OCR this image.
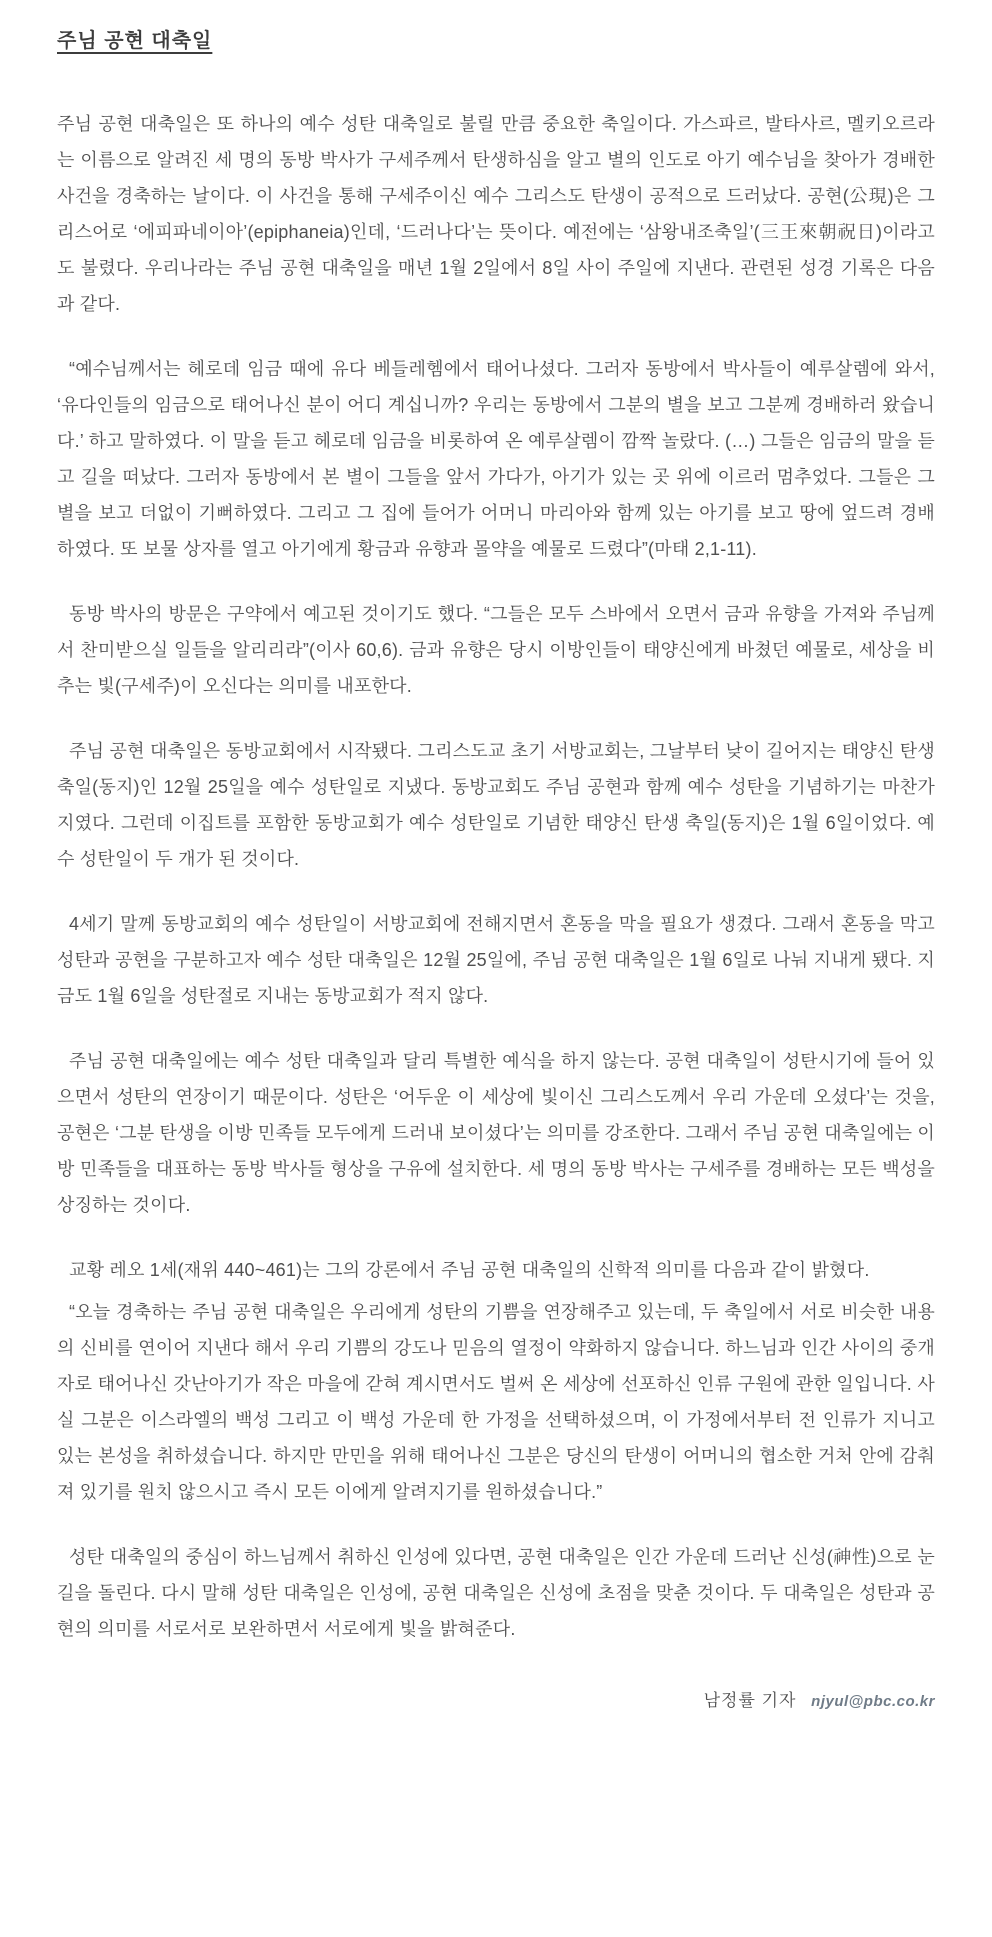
주님 공현 대축일

주님 공현 대축일은 또 하나의 예수 성탄 대축일로 불릴 만큼 중요한 축일이다. 가스파르, 발타사르, 멜키오르라는 이름으로 알려진 세 명의 동방 박사가 구세주께서 탄생하심을 알고 별의 인도로 아기 예수님을 찾아가 경배한 사건을 경축하는 날이다. 이 사건을 통해 구세주이신 예수 그리스도 탄생이 공적으로 드러났다. 공현(公現)은 그리스어로 ‘에피파네이아’(epiphaneia)인데, ‘드러나다’는 뜻이다. 예전에는 ‘삼왕내조축일’(三王來朝祝日)이라고도 불렸다. 우리나라는 주님 공현 대축일을 매년 1월 2일에서 8일 사이 주일에 지낸다. 관련된 성경 기록은 다음과 같다.

“예수님께서는 헤로데 임금 때에 유다 베들레헴에서 태어나셨다. 그러자 동방에서 박사들이 예루살렘에 와서, ‘유다인들의 임금으로 태어나신 분이 어디 계십니까? 우리는 동방에서 그분의 별을 보고 그분께 경배하러 왔습니다.’ 하고 말하였다. 이 말을 듣고 헤로데 임금을 비롯하여 온 예루살렘이 깜짝 놀랐다. (…) 그들은 임금의 말을 듣고 길을 떠났다. 그러자 동방에서 본 별이 그들을 앞서 가다가, 아기가 있는 곳 위에 이르러 멈추었다. 그들은 그 별을 보고 더없이 기뻐하였다. 그리고 그 집에 들어가 어머니 마리아와 함께 있는 아기를 보고 땅에 엎드려 경배하였다. 또 보물 상자를 열고 아기에게 황금과 유향과 몰약을 예물로 드렸다”(마태 2,1-11).

동방 박사의 방문은 구약에서 예고된 것이기도 했다. “그들은 모두 스바에서 오면서 금과 유향을 가져와 주님께서 찬미받으실 일들을 알리리라”(이사 60,6). 금과 유향은 당시 이방인들이 태양신에게 바쳤던 예물로, 세상을 비추는 빛(구세주)이 오신다는 의미를 내포한다.

주님 공현 대축일은 동방교회에서 시작됐다. 그리스도교 초기 서방교회는, 그날부터 낮이 길어지는 태양신 탄생 축일(동지)인 12월 25일을 예수 성탄일로 지냈다. 동방교회도 주님 공현과 함께 예수 성탄을 기념하기는 마찬가지였다. 그런데 이집트를 포함한 동방교회가 예수 성탄일로 기념한 태양신 탄생 축일(동지)은 1월 6일이었다. 예수 성탄일이 두 개가 된 것이다.

4세기 말께 동방교회의 예수 성탄일이 서방교회에 전해지면서 혼동을 막을 필요가 생겼다. 그래서 혼동을 막고 성탄과 공현을 구분하고자 예수 성탄 대축일은 12월 25일에, 주님 공현 대축일은 1월 6일로 나눠 지내게 됐다. 지금도 1월 6일을 성탄절로 지내는 동방교회가 적지 않다.

주님 공현 대축일에는 예수 성탄 대축일과 달리 특별한 예식을 하지 않는다. 공현 대축일이 성탄시기에 들어 있으면서 성탄의 연장이기 때문이다. 성탄은 ‘어두운 이 세상에 빛이신 그리스도께서 우리 가운데 오셨다’는 것을, 공현은 ‘그분 탄생을 이방 민족들 모두에게 드러내 보이셨다’는 의미를 강조한다. 그래서 주님 공현 대축일에는 이방 민족들을 대표하는 동방 박사들 형상을 구유에 설치한다. 세 명의 동방 박사는 구세주를 경배하는 모든 백성을 상징하는 것이다.

교황 레오 1세(재위 440~461)는 그의 강론에서 주님 공현 대축일의 신학적 의미를 다음과 같이 밝혔다.

“오늘 경축하는 주님 공현 대축일은 우리에게 성탄의 기쁨을 연장해주고 있는데, 두 축일에서 서로 비슷한 내용의 신비를 연이어 지낸다 해서 우리 기쁨의 강도나 믿음의 열정이 약화하지 않습니다. 하느님과 인간 사이의 중개자로 태어나신 갓난아기가 작은 마을에 갇혀 계시면서도 벌써 온 세상에 선포하신 인류 구원에 관한 일입니다. 사실 그분은 이스라엘의 백성 그리고 이 백성 가운데 한 가정을 선택하셨으며, 이 가정에서부터 전 인류가 지니고 있는 본성을 취하셨습니다. 하지만 만민을 위해 태어나신 그분은 당신의 탄생이 어머니의 협소한 거처 안에 감춰져 있기를 원치 않으시고 즉시 모든 이에게 알려지기를 원하셨습니다.”

성탄 대축일의 중심이 하느님께서 취하신 인성에 있다면, 공현 대축일은 인간 가운데 드러난 신성(神性)으로 눈길을 돌린다. 다시 말해 성탄 대축일은 인성에, 공현 대축일은 신성에 초점을 맞춘 것이다. 두 대축일은 성탄과 공현의 의미를 서로서로 보완하면서 서로에게 빛을 밝혀준다.

남정률 기자 njyul@pbc.co.kr
